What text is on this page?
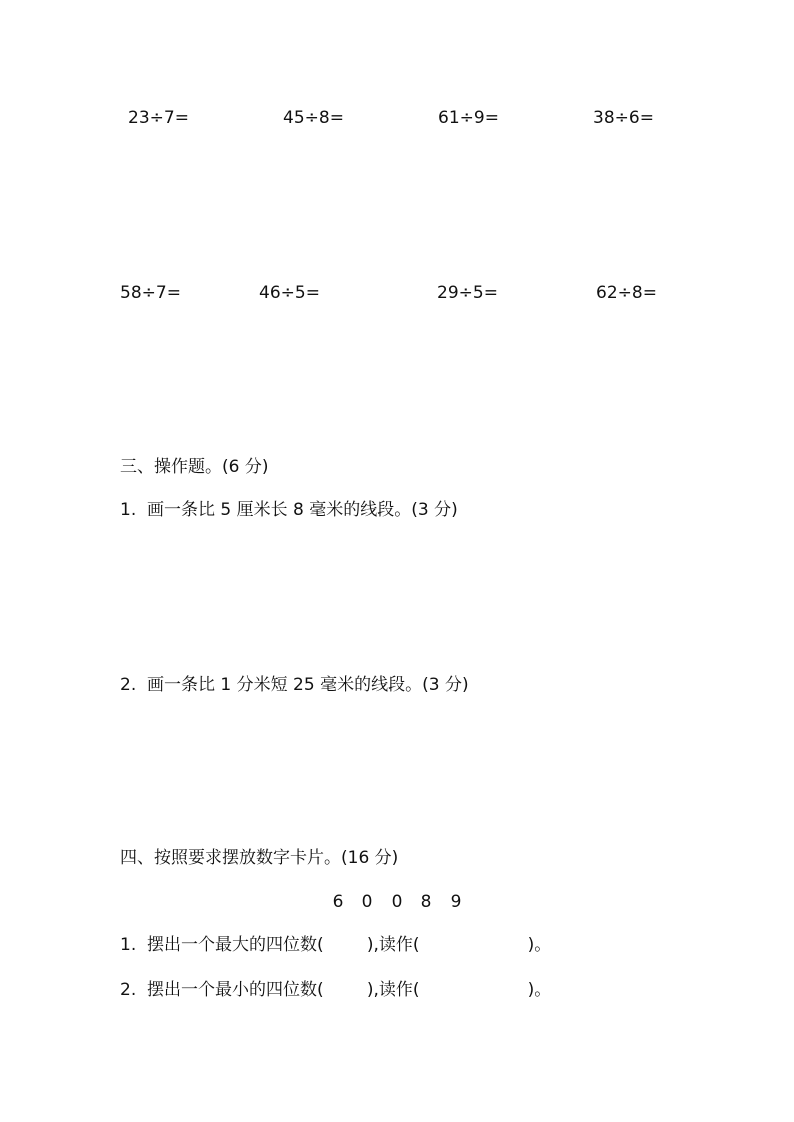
23÷7=	45÷8=	61÷9=	38÷6=
58÷7=	46÷5=	29÷5=	62÷8=
三、操作题。(6 分)
1.  画一条比 5 厘米长 8 毫米的线段。(3 分)
2.  画一条比 1 分米短 25 毫米的线段。(3 分)
四、按照要求摆放数字卡片。(16 分)
6 0 0 8 9
1.  摆出一个最大的四位数(        ),读作(                    )。
2.  摆出一个最小的四位数(        ),读作(                    )。
